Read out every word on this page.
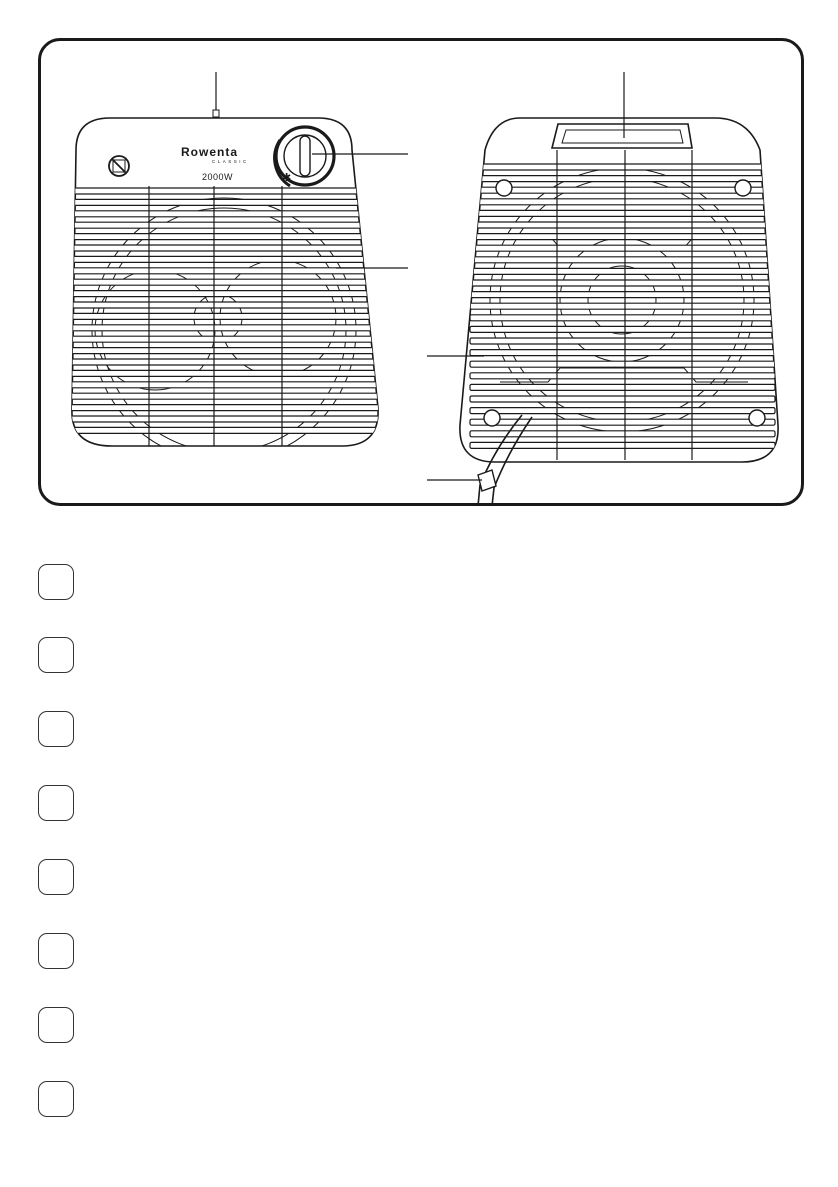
✱
Rowenta
CLASSIC
2000W
